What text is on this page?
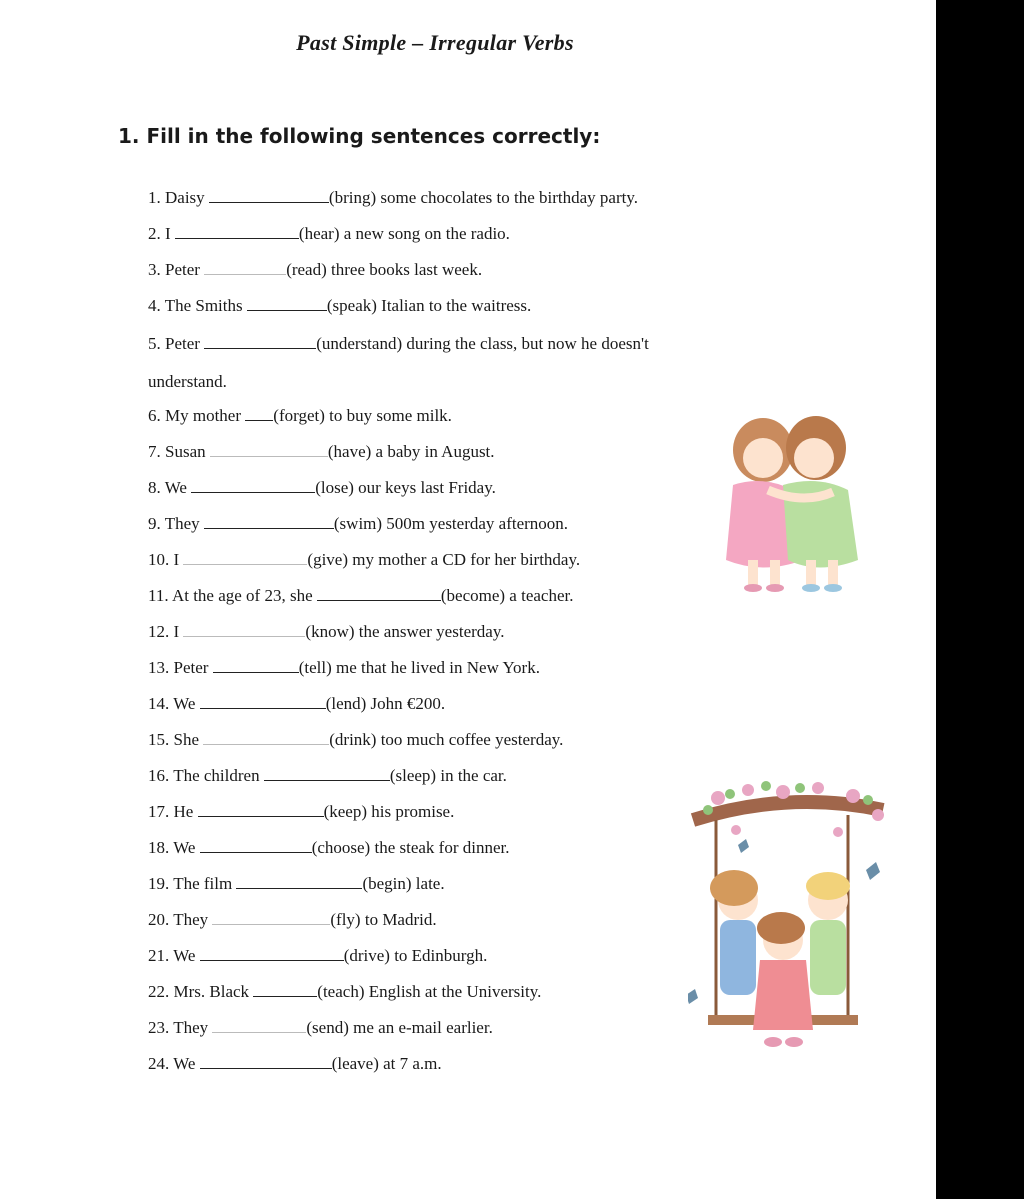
Past Simple – Irregular Verbs
1. Fill in the following sentences correctly:
1. Daisy	(bring) some chocolates to the birthday party.
2. I	(hear) a new song on the radio.
3. Peter	(read) three books last week.
4. The Smiths	(speak) Italian to the waitress.
5. Peter	(understand) during the class, but now he doesn't
6. My mother (forget) to buy some milk.
7. Susan	(have) a baby in August.
8. We	(lose) our keys last Friday.
9. They	(swim) 500m yesterday afternoon.
10. I	(give) my mother a CD for her birthday.
11. At the age of 23, she	(become) a teacher.
12. I	(know) the answer yesterday.
13. Peter	(tell) me that he lived in New York.
14. We	(lend) John €200.
15. She	(drink) too much coffee yesterday.
16. The children	(sleep) in the car.
17. He	(keep) his promise.
18. We	(choose) the steak for dinner.
19. The film	(begin) late.
20. They	(fly) to Madrid.
21. We	(drive) to Edinburgh.
22. Mrs. Black	(teach) English at the University.
23. They	(send) me an e-mail earlier.
24. We	(leave) at 7 a.m.
understand.
